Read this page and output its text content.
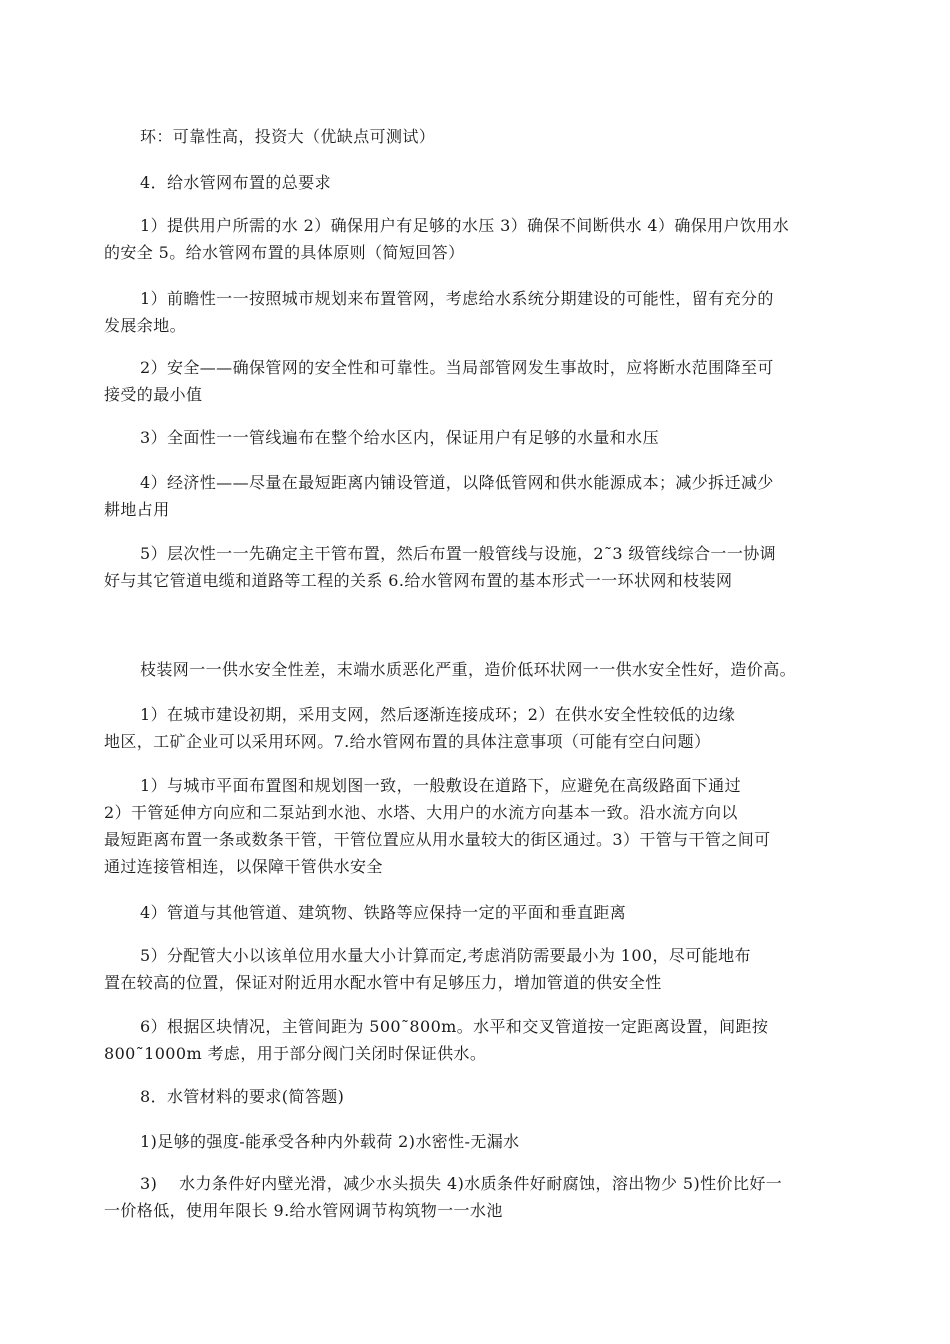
环：可靠性高，投资大（优缺点可测试）
4．给水管网布置的总要求
1）提供用户所需的水 2）确保用户有足够的水压 3）确保不间断供水 4）确保用户饮用水
的安全 5。给水管网布置的具体原则（简短回答）
1）前瞻性一一按照城市规划来布置管网，考虑给水系统分期建设的可能性，留有充分的
发展余地。
2）安全——确保管网的安全性和可靠性。当局部管网发生事故时，应将断水范围降至可
接受的最小值
3）全面性一一管线遍布在整个给水区内，保证用户有足够的水量和水压
4）经济性——尽量在最短距离内铺设管道，以降低管网和供水能源成本；减少拆迁减少
耕地占用
5）层次性一一先确定主干管布置，然后布置一般管线与设施，2˜3 级管线综合一一协调
好与其它管道电缆和道路等工程的关系 6.给水管网布置的基本形式一一环状网和枝装网
枝装网一一供水安全性差，末端水质恶化严重，造价低环状网一一供水安全性好，造价高。
1）在城市建设初期，采用支网，然后逐渐连接成环；2）在供水安全性较低的边缘
地区，工矿企业可以采用环网。7.给水管网布置的具体注意事项（可能有空白问题）
1）与城市平面布置图和规划图一致，一般敷设在道路下，应避免在高级路面下通过
2）干管延伸方向应和二泵站到水池、水塔、大用户的水流方向基本一致。沿水流方向以
最短距离布置一条或数条干管，干管位置应从用水量较大的街区通过。3）干管与干管之间可
通过连接管相连，以保障干管供水安全
4）管道与其他管道、建筑物、铁路等应保持一定的平面和垂直距离
5）分配管大小以该单位用水量大小计算而定,考虑消防需要最小为 100，尽可能地布
置在较高的位置，保证对附近用水配水管中有足够压力，增加管道的供安全性
6）根据区块情况，主管间距为 500˜800m。水平和交叉管道按一定距离设置，间距按
800˜1000m 考虑，用于部分阀门关闭时保证供水。
8．水管材料的要求(简答题)
1)足够的强度-能承受各种内外载荷 2)水密性-无漏水
3)　 水力条件好内壁光滑，减少水头损失 4)水质条件好耐腐蚀，溶出物少 5)性价比好一
一价格低，使用年限长 9.给水管网调节构筑物一一水池
